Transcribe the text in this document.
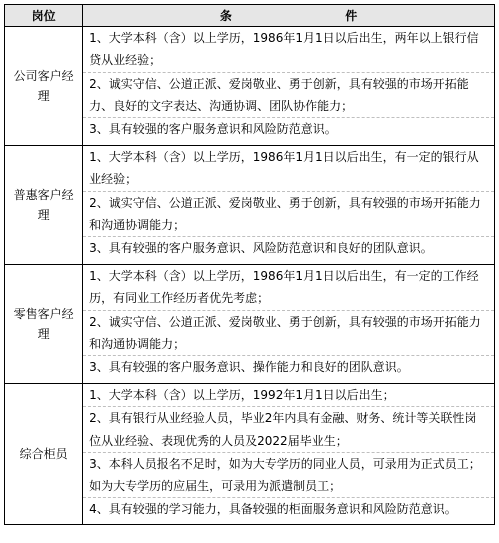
岗位	条 件

公司客户经理	1、大学本科（含）以上学历，1986年1月1日以后出生，两年以上银行信贷从业经验；
2、诚实守信、公道正派、爱岗敬业、勇于创新，具有较强的市场开拓能力、良好的文字表达、沟通协调、团队协作能力；
3、具有较强的客户服务意识和风险防范意识。

普惠客户经理	1、大学本科（含）以上学历，1986年1月1日以后出生，有一定的银行从业经验；
2、诚实守信、公道正派、爱岗敬业、勇于创新，具有较强的市场开拓能力和沟通协调能力；
3、具有较强的客户服务意识、风险防范意识和良好的团队意识。

零售客户经理	1、大学本科（含）以上学历，1986年1月1日以后出生，有一定的工作经历，有同业工作经历者优先考虑；
2、诚实守信、公道正派、爱岗敬业、勇于创新，具有较强的市场开拓能力和沟通协调能力；
3、具有较强的客户服务意识、操作能力和良好的团队意识。

综合柜员	1、大学本科（含）以上学历，1992年1月1日以后出生；
2、具有银行从业经验人员，毕业2年内具有金融、财务、统计等关联性岗位从业经验、表现优秀的人员及2022届毕业生；
3、本科人员报名不足时，如为大专学历的同业人员，可录用为正式员工；如为大专学历的应届生，可录用为派遣制员工；
4、具有较强的学习能力，具备较强的柜面服务意识和风险防范意识。
